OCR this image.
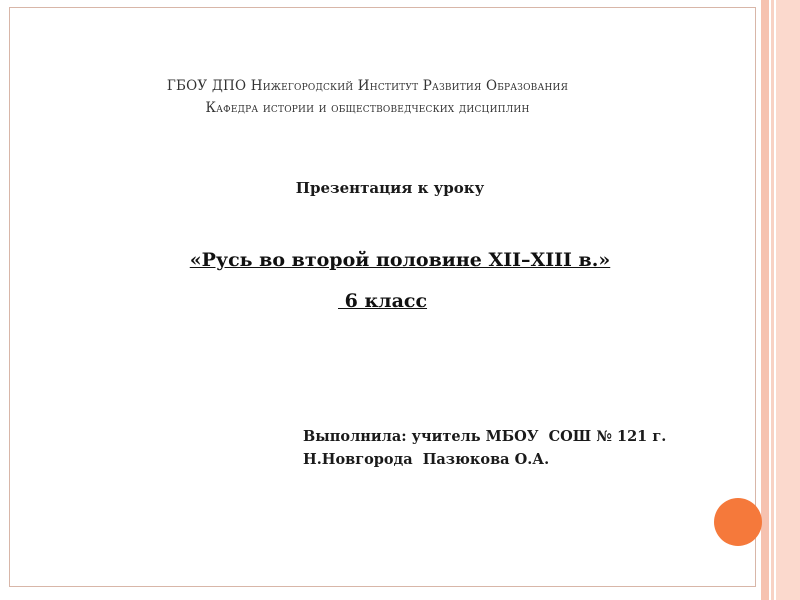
ГБОУ ДПО Нижегородский Институт Развития Образования
Кафедра истории и обществоведческих дисциплин
Презентация к уроку
«Русь во второй половине XII–XIII в.»
6 класс
Выполнила: учитель МБОУ  СОШ № 121 г.
Н.Новгорода  Пазюкова О.А.
